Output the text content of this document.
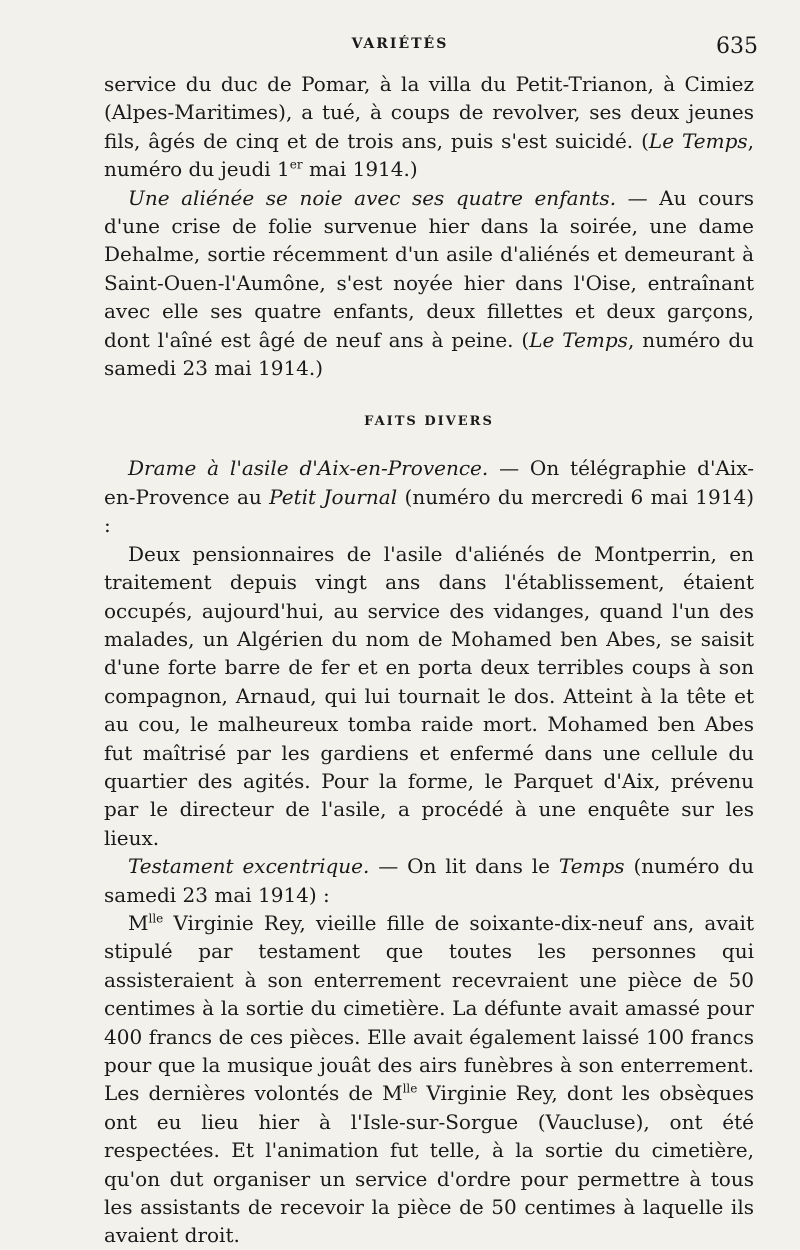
VARIÉTÉS	635

service du duc de Pomar, à la villa du Petit-Trianon, à Cimiez (Alpes-Maritimes), a tué, à coups de revolver, ses deux jeunes fils, âgés de cinq et de trois ans, puis s'est suicidé. (Le Temps, numéro du jeudi 1er mai 1914.)

Une aliénée se noie avec ses quatre enfants. — Au cours d'une crise de folie survenue hier dans la soirée, une dame Dehalme, sortie récemment d'un asile d'aliénés et demeurant à Saint-Ouen-l'Aumône, s'est noyée hier dans l'Oise, entraînant avec elle ses quatre enfants, deux fillettes et deux garçons, dont l'aîné est âgé de neuf ans à peine. (Le Temps, numéro du samedi 23 mai 1914.)

FAITS DIVERS

Drame à l'asile d'Aix-en-Provence. — On télégraphie d'Aix-en-Provence au Petit Journal (numéro du mercredi 6 mai 1914) :

Deux pensionnaires de l'asile d'aliénés de Montperrin, en traitement depuis vingt ans dans l'établissement, étaient occupés, aujourd'hui, au service des vidanges, quand l'un des malades, un Algérien du nom de Mohamed ben Abes, se saisit d'une forte barre de fer et en porta deux terribles coups à son compagnon, Arnaud, qui lui tournait le dos. Atteint à la tête et au cou, le malheureux tomba raide mort. Mohamed ben Abes fut maîtrisé par les gardiens et enfermé dans une cellule du quartier des agités. Pour la forme, le Parquet d'Aix, prévenu par le directeur de l'asile, a procédé à une enquête sur les lieux.

Testament excentrique. — On lit dans le Temps (numéro du samedi 23 mai 1914) :

$M^{lle}$ Virginie Rey, vieille fille de soixante-dix-neuf ans, avait stipulé par testament que toutes les personnes qui assisteraient à son enterrement recevraient une pièce de 50 centimes à la sortie du cimetière. La défunte avait amassé pour 400 francs de ces pièces. Elle avait également laissé 100 francs pour que la musique jouât des airs funèbres à son enterrement. Les dernières volontés de $M^{lle}$ Virginie Rey, dont les obsèques ont eu lieu hier à l'Isle-sur-Sorgue (Vaucluse), ont été respectées. Et l'animation fut telle, à la sortie du cimetière, qu'on dut organiser un service d'ordre pour permettre à tous les assistants de recevoir la pièce de 50 centimes à laquelle ils avaient droit.
